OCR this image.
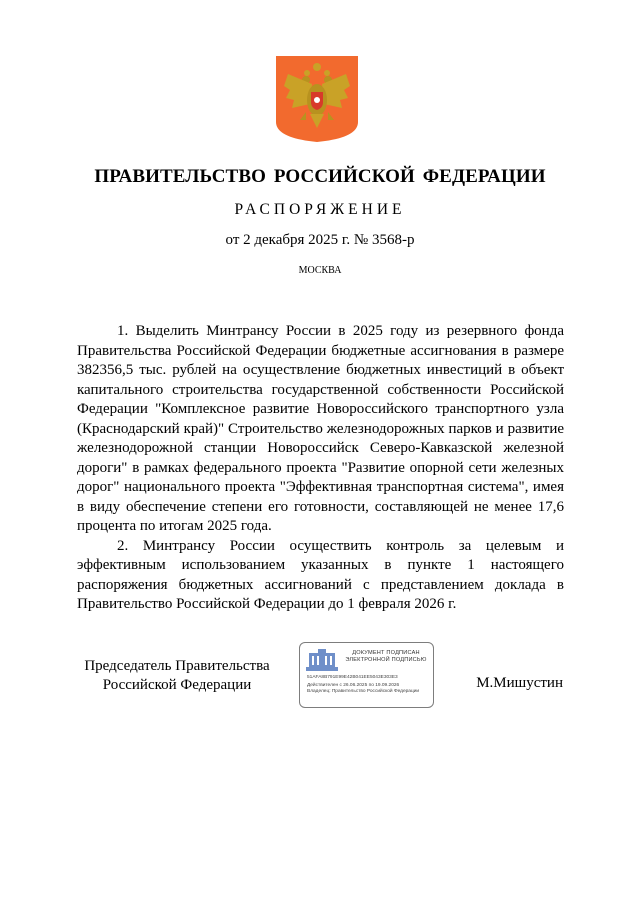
ПРАВИТЕЛЬСТВО РОССИЙСКОЙ ФЕДЕРАЦИИ
РАСПОРЯЖЕНИЕ
от 2 декабря 2025 г. № 3568-р
МОСКВА

1. Выделить Минтрансу России в 2025 году из резервного фонда Правительства Российской Федерации бюджетные ассигнования в размере 382356,5 тыс. рублей на осуществление бюджетных инвестиций в объект капитального строительства государственной собственности Российской Федерации "Комплексное развитие Новороссийского транспортного узла (Краснодарский край)" Строительство железнодорожных парков и развитие железнодорожной станции Новороссийск Северо-Кавказской железной дороги" в рамках федерального проекта "Развитие опорной сети железных дорог" национального проекта "Эффективная транспортная система", имея в виду обеспечение степени его готовности, составляющей не менее 17,6 процента по итогам 2025 года.

2. Минтрансу России осуществить контроль за целевым и эффективным использованием указанных в пункте 1 настоящего распоряжения бюджетных ассигнований с представлением доклада в Правительство Российской Федерации до 1 февраля 2026 г.

Председатель Правительства
Российской Федерации
ДОКУМЕНТ ПОДПИСАН
ЭЛЕКТРОННОЙ ПОДПИСЬЮ
51AFA8B791E99E42B041EE5043E303E3
Действителен с 26.06.2025 по 19.09.2026
Владелец: Правительство Российской Федерации
М.Мишустин
